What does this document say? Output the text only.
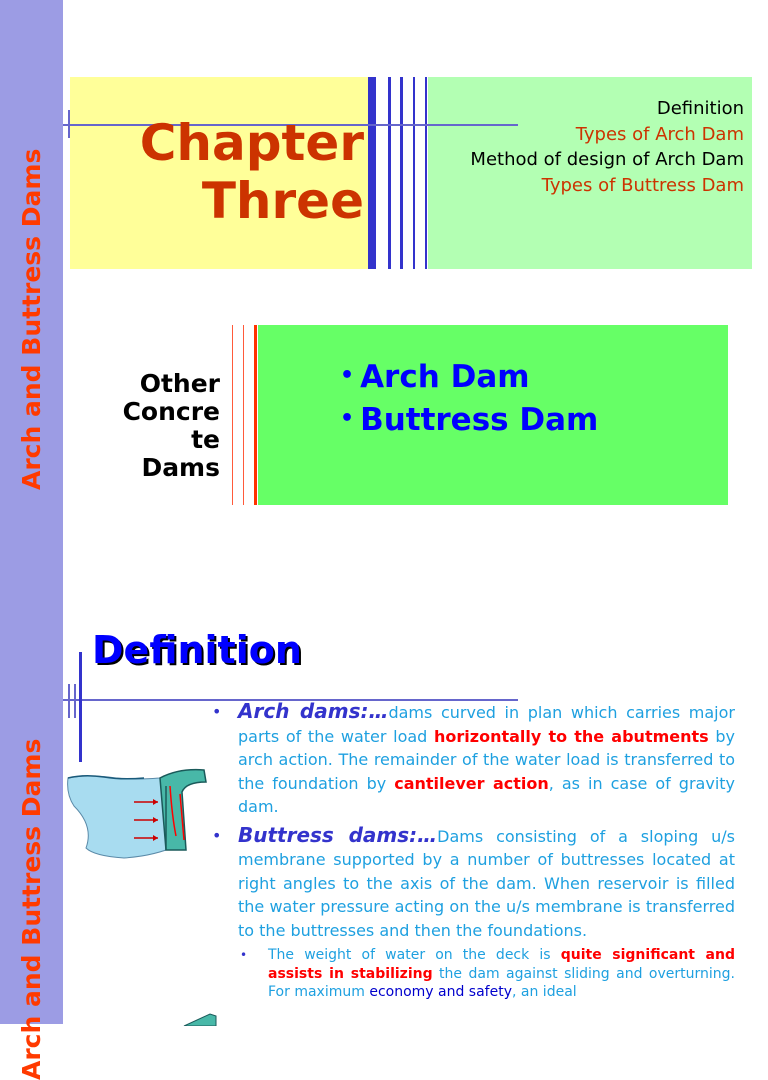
Arch and Buttress Dams
Arch and Buttress Dams
Chapter
Three
Definition
Types of Arch Dam
Method of design of Arch Dam
Types of Buttress Dam
Other
Concre
te
Dams
• Arch Dam
• Buttress Dam
Definition

• Arch dams:…dams curved in plan which carries major parts of the water load horizontally to the abutments by arch action. The remainder of the water load is transferred to the foundation by cantilever action, as in case of gravity dam.

• Buttress dams:…Dams consisting of a sloping u/s membrane supported by a number of buttresses located at right angles to the axis of the dam. When reservoir is filled the water pressure acting on the u/s membrane is transferred to the buttresses and then the foundations.

• The weight of water on the deck is quite significant and assists in stabilizing the dam against sliding and overturning. For maximum economy and safety, an ideal
